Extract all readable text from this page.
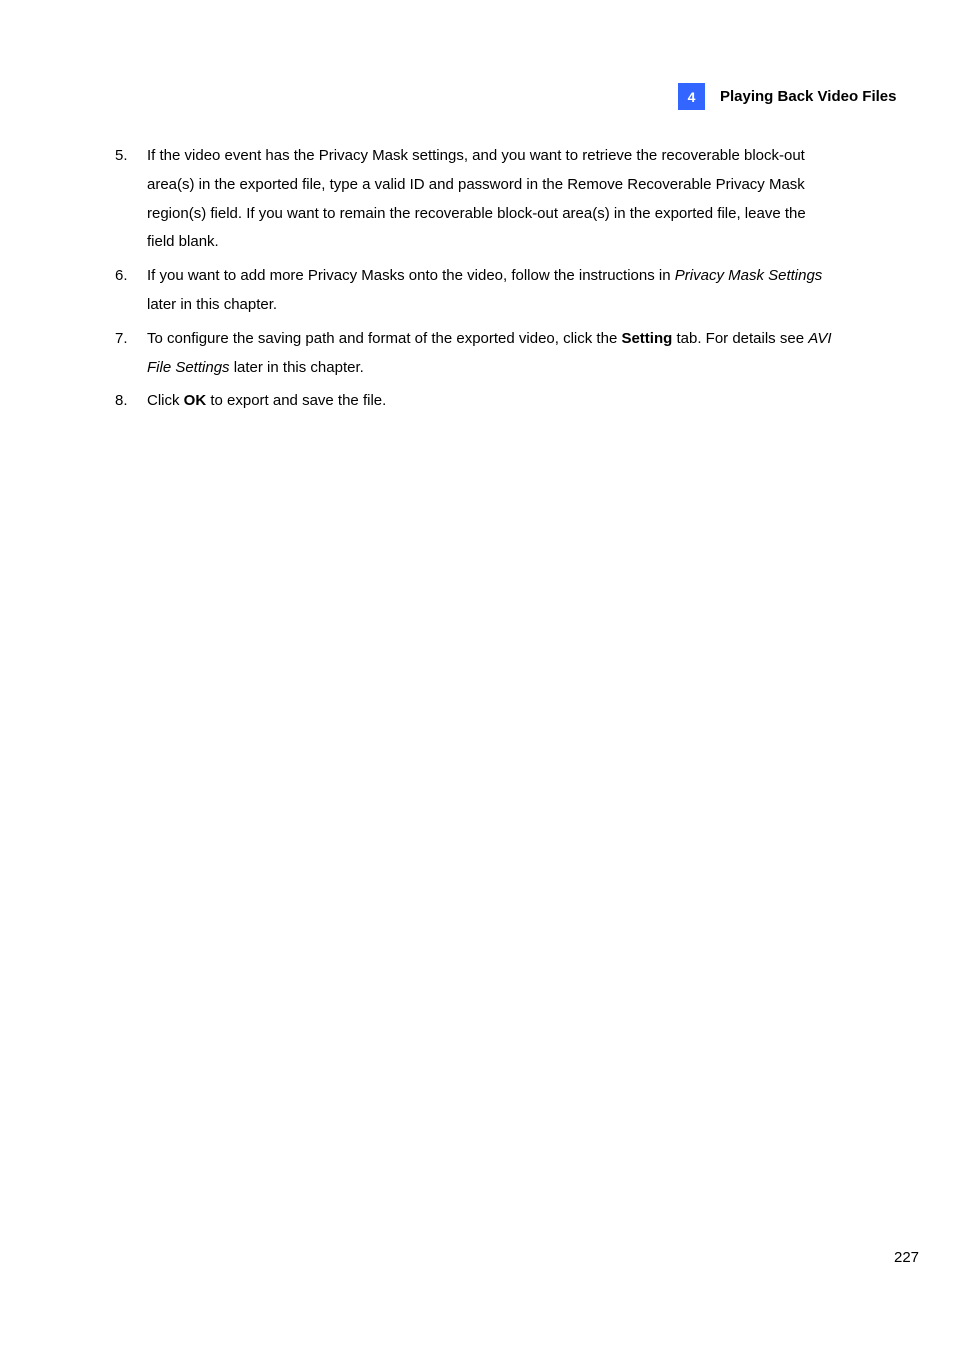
4	Playing Back Video Files
5.	If the video event has the Privacy Mask settings, and you want to retrieve the recoverable block-out area(s) in the exported file, type a valid ID and password in the Remove Recoverable Privacy Mask region(s) field. If you want to remain the recoverable block-out area(s) in the exported file, leave the field blank.
6.	If you want to add more Privacy Masks onto the video, follow the instructions in Privacy Mask Settings later in this chapter.
7.	To configure the saving path and format of the exported video, click the Setting tab. For details see AVI File Settings later in this chapter.
8.	Click OK to export and save the file.
227
